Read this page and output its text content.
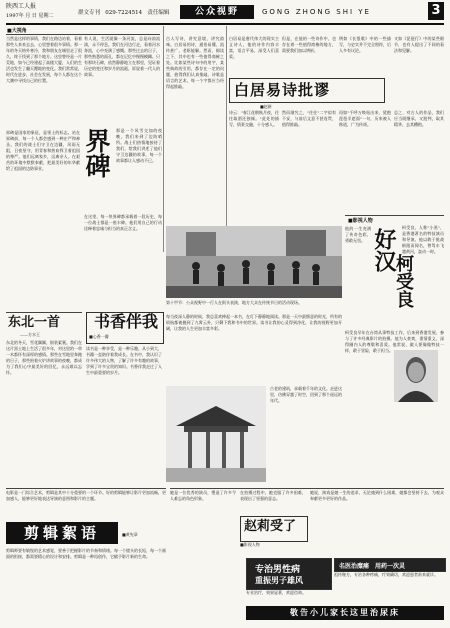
陕西工人报
1997年 月 日 星期二	群文专刊 029-7224514 责任编辑	公众视野	GONG ZHONG SHI YE	3
■大视角
当然是这样的事情，我们在路边站着，看着那些人来来去去，心里想着很多事情。那一年的冬天格外寒冷，我和朋友在城里走了很久，终于找到了那个地方。这里曾经是一片荒地，如今已经建起了高楼大厦，人们的生活也发生了翻天覆地的变化。我们常常说，时代在进步，社会在发展，每个人都在这个大潮中寻找自己的位置。
有人说，生活就像一条河流，总是向前流淌，永不停息。我们在河边行走，看着河水奔流，心中充满了感慨。那些过去的日子，那些熟悉的面孔，都在记忆中慢慢模糊。只有那块石碑，依然静静地立在那里，见证着历史的变迁和岁月的流逝，诉说着一代人的故事。
界碑
界碑是国家的象征，是领土的标志。站在界碑前，每一个人都会感到一种庄严和神圣。我们的战士们守卫在边疆，风雨无阻，日夜坚守，用青春和热血捍卫着祖国的尊严。他们远离家乡，远离亲人，在艰苦的环境中默默奉献，把最美好的年华献给了祖国的边防事业。
那是一个风雪交加的夜晚，我们来到了边防哨所。战士们热情地接待了我们，给我们讲述了他们守卫边疆的故事，每一个故事都让人感动不已。
在这里，每一块界碑都承载着一段历史，每一位战士都是一座丰碑。他们用自己的行动诠释着忠诚与担当的真正含义。
古人写诗，讲究意境，讲究韵味。白居易的诗，通俗易懂，流传甚广，老妪能解。然而，细读之下，其中也有一些值得商榷之处。比如某些诗句中的用字，某些典故的引用，都存在一定的问题，值得我们认真推敲。诗歌是语言的艺术，每一个字都应当经得起推敲。
白居易是唐代伟大的现实主义诗人，他的诗作内容丰富，语言平易，深受人们喜爱。
但是，在他的一些诗作中，也存在着一些值得商榷的地方，需要我们加以辨析。
例如《长恨歌》中的一些描写，与史实并不完全相符，后人多有议论。
又如《琵琶行》中的某些细节，也有人提出了不同的看法和见解。
白居易诗批谬
■赵新
诗云："春江花朝秋月夜，往往取酒还独倾。"此处的描写，情景交融，十分感人。
然而细究之，"往往"二字似有不妥，与前后文意不甚连贯，值得推敲。
再如"千呼万唤始出来，犹抱琵琶半遮面"一句，历来被人称道，广为传颂。
总之，对古人的作品，我们应当既继承，又批判，取其精华，去其糟粕。
■影视人物
柯受良，人称"小黑"，是香港著名的特技演员和导演。他以敢于挑战极限而闻名，曾驾车飞越黄河，轰动一时。
好汉
柯受良
他的一生充满了传奇色彩，勇敢无畏。
柯受良早年在台湾从事特技工作，后来到香港发展，参与了许多经典影片的拍摄。他为人豪爽，重情重义，深得圈内人的尊敬和喜爱。他常说，做人要像做特技一样，敢于冒险，敢于担当。
第十甲节：公众视野中一行人在街头表演，地方大众在传统节日的活动现场。
东北一首
——方水王
东北的冬天，雪花飘飘，银装素裹。我们在这片黑土地上生活了很多年，对这里的一草一木都怀有深厚的感情。那些在雪地里奔跑的日子，那些围着火炉讲故事的夜晚，都成为了我们心中最美好的回忆，永远难以忘怀。
书香伴我
■心香一瓣
读书是一种享受，是一种乐趣。从小到大，书籍一直陪伴着我成长。在书中，我认识了许多伟大的人物，了解了许多有趣的故事，学到了许多宝贵的知识。书香伴我走过了人生中最重要的岁月。
每当夜深人静的时候，我总喜欢捧起一本书，在灯下静静地阅读。那是一天中最惬意的时光，所有的烦恼都被抛到了九霄云外，只剩下我和书中的世界。读书让我的心灵得到净化，让我的视野更加开阔，让我的人生更加丰富多彩。
古老的建筑，承载着千年的文化。走进这里，仿佛穿越了时空，回到了那个遥远的年代。
电影是一门综合艺术，剪辑是其中十分重要的一个环节。好的剪辑能够让影片更加流畅，更加感人，能够更好地表达导演的意图和影片的主题。
剪辑絮语	■黄宪章
剪辑师要有敏锐的艺术感觉，要善于把握影片的节奏和情绪。每一个镜头的长短，每一个画面的衔接，都需要精心的设计和安排。剪辑是一种再创作，它赋予影片新的生命。
她是一位优秀的演员，塑造了许多令人难忘的角色形象。
在拍摄过程中，她克服了许多困难，表现出了坚强的意志。
赵莉受了
■影视人物
她说，演戏是她一生的追求，无论遇到什么困难，她都会坚持下去，为观众奉献更多更好的作品。
专治男性病
重振男子雄风
专业治疗，效果显著，欢迎咨询。
名医治糜痛　用药一次灵
祖传秘方，专治各种疼痛，疗效确切，欢迎患者前来就诊。
敬告小儿家长这里治尿床
